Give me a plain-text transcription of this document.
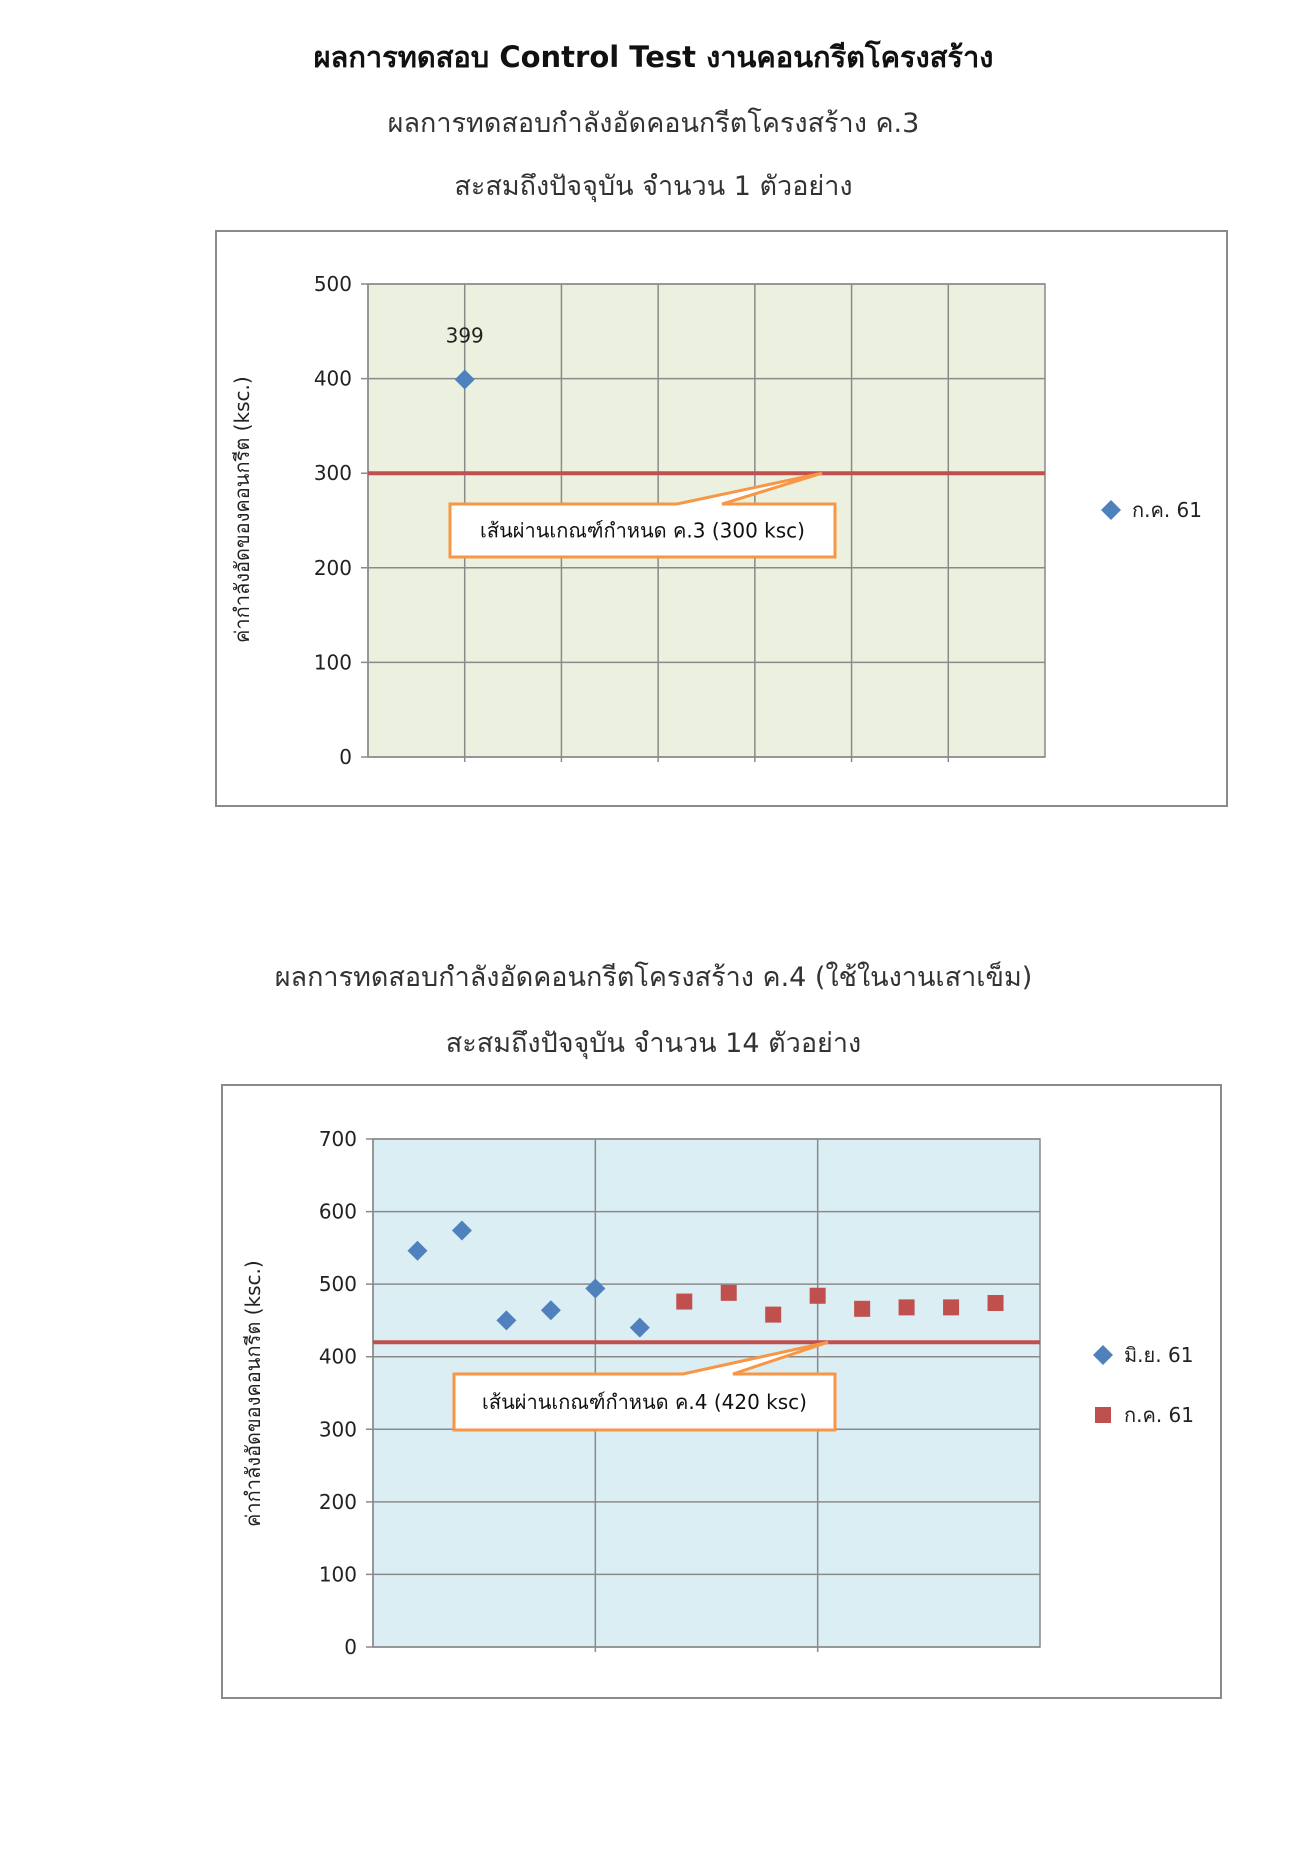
ผลการทดสอบ Control Test งานคอนกรีตโครงสร้าง
ผลการทดสอบกำลังอัดคอนกรีตโครงสร้าง ค.3
สะสมถึงปัจจุบัน จำนวน 1 ตัวอย่าง
0
100
200
300
400
500
เส้นผ่านเกณฑ์กำหนด ค.3 (300 ksc)
399
ค่ากำลังอัดของคอนกรีต (ksc.)	ก.ค. 61
ผลการทดสอบกำลังอัดคอนกรีตโครงสร้าง ค.4 (ใช้ในงานเสาเข็ม)
สะสมถึงปัจจุบัน จำนวน 14 ตัวอย่าง
0
100
200
300
400
500
600
700
เส้นผ่านเกณฑ์กำหนด ค.4 (420 ksc)
ค่ากำลังอัดของคอนกรีต (ksc.)	มิ.ย. 61
ก.ค. 61
